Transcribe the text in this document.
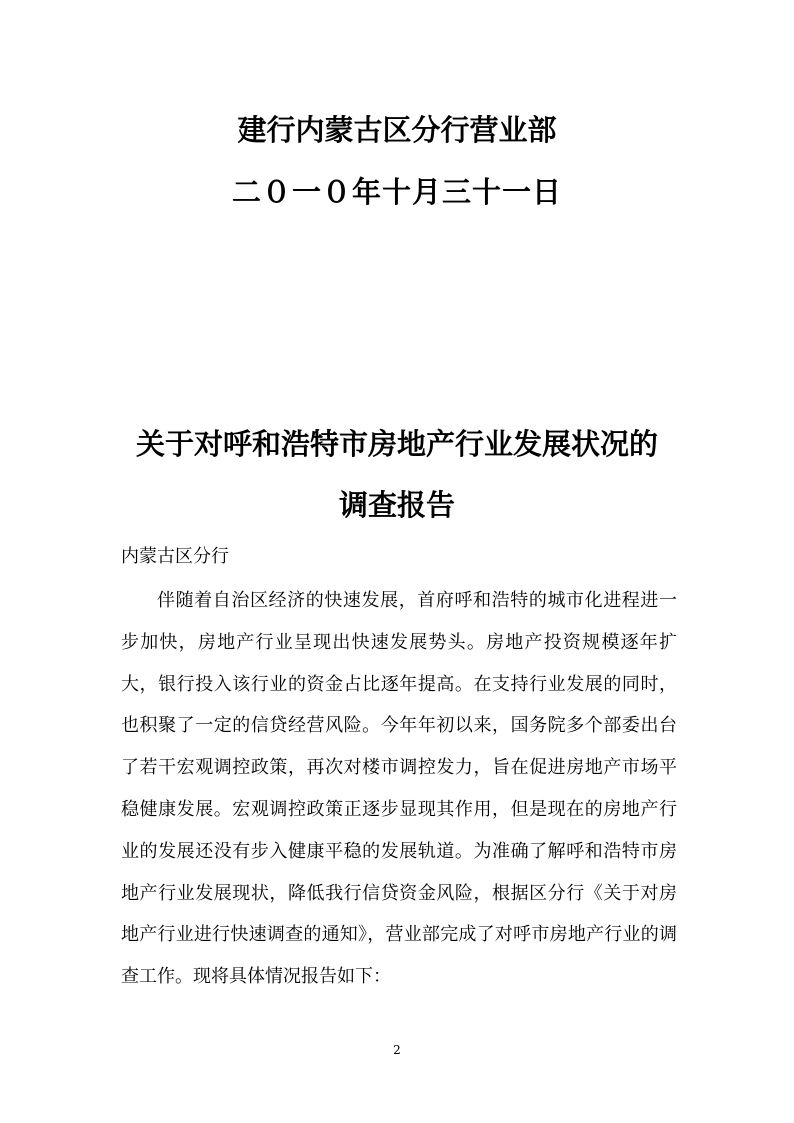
建行内蒙古区分行营业部
二０一０年十月三十一日
关于对呼和浩特市房地产行业发展状况的
调查报告
内蒙古区分行

伴随着自治区经济的快速发展，首府呼和浩特的城市化进程进一步加快，房地产行业呈现出快速发展势头。房地产投资规模逐年扩大，银行投入该行业的资金占比逐年提高。在支持行业发展的同时，也积聚了一定的信贷经营风险。今年年初以来，国务院多个部委出台了若干宏观调控政策，再次对楼市调控发力，旨在促进房地产市场平稳健康发展。宏观调控政策正逐步显现其作用，但是现在的房地产行业的发展还没有步入健康平稳的发展轨道。为准确了解呼和浩特市房地产行业发展现状，降低我行信贷资金风险，根据区分行《关于对房地产行业进行快速调查的通知》，营业部完成了对呼市房地产行业的调查工作。现将具体情况报告如下：

2
